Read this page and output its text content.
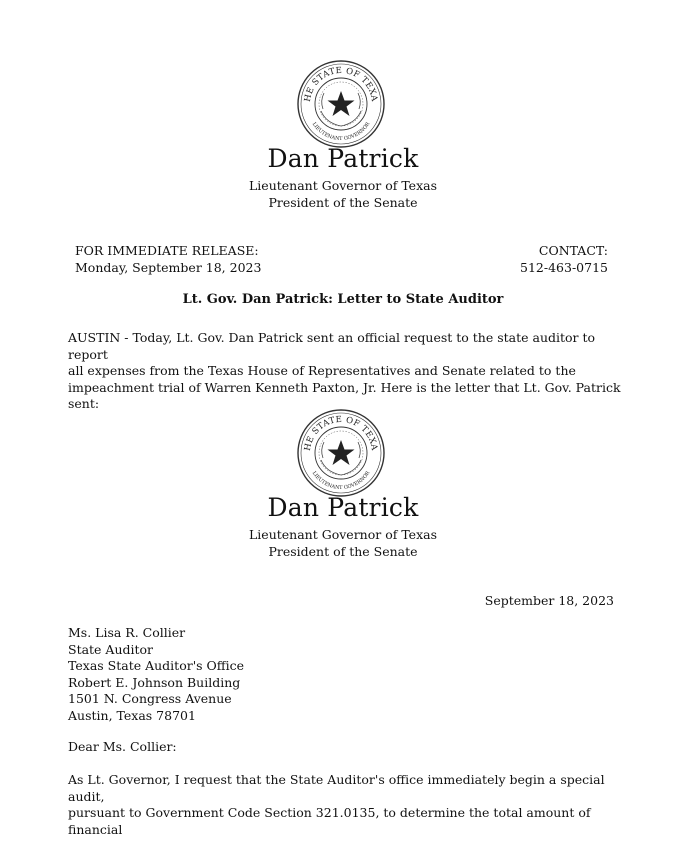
HE STATE OF TEXA
LIEUTENANT GOVERNOR
Dan Patrick
Lieutenant Governor of Texas
President of the Senate
FOR IMMEDIATE RELEASE:
Monday, September 18, 2023
CONTACT:
512-463-0715
Lt. Gov. Dan Patrick: Letter to State Auditor
AUSTIN - Today, Lt. Gov. Dan Patrick sent an official request to the state auditor to report
all expenses from the Texas House of Representatives and Senate related to the
impeachment trial of Warren Kenneth Paxton, Jr. Here is the letter that Lt. Gov. Patrick
sent:
HE STATE OF TEXA
LIEUTENANT GOVERNOR
Dan Patrick
Lieutenant Governor of Texas
President of the Senate
September 18, 2023
Ms. Lisa R. Collier
State Auditor
Texas State Auditor's Office
Robert E. Johnson Building
1501 N. Congress Avenue
Austin, Texas 78701
Dear Ms. Collier:
As Lt. Governor, I request that the State Auditor's office immediately begin a special audit,
pursuant to Government Code Section 321.0135, to determine the total amount of financial
